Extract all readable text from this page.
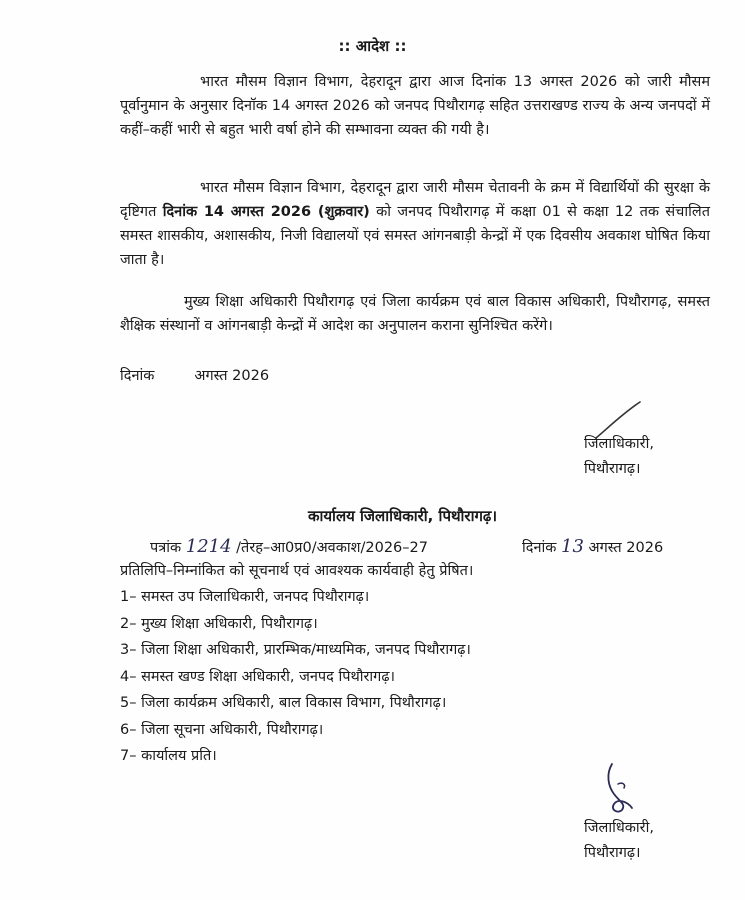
:: आदेश ::

भारत मौसम विज्ञान विभाग, देहरादून द्वारा आज दिनांक 13 अगस्त 2026 को जारी मौसम पूर्वानुमान के अनुसार दिनॉक 14 अगस्त 2026 को जनपद पिथौरागढ़ सहित उत्तराखण्ड राज्य के अन्य जनपदों में कहीं–कहीं भारी से बहुत भारी वर्षा होने की सम्भावना व्यक्त की गयी है।

भारत मौसम विज्ञान विभाग, देहरादून द्वारा जारी मौसम चेतावनी के क्रम में विद्यार्थियों की सुरक्षा के दृष्टिगत दिनांक 14 अगस्त 2026 (शुक्रवार) को जनपद पिथौरागढ़ में कक्षा 01 से कक्षा 12 तक संचालित समस्त शासकीय, अशासकीय, निजी विद्यालयों एवं समस्त आंगनबाड़ी केन्द्रों में एक दिवसीय अवकाश घोषित किया जाता है।

मुख्य शिक्षा अधिकारी पिथौरागढ़ एवं जिला कार्यक्रम एवं बाल विकास अधिकारी, पिथौरागढ़, समस्त शैक्षिक संस्थानों व आंगनबाड़ी केन्द्रों में आदेश का अनुपालन कराना सुनिश्चित करेंगे।

दिनांक	अगस्त 2026
जिलाधिकारी,
पिथौरागढ़।
कार्यालय जिलाधिकारी, पिथौरागढ़।
पत्रांक 1214 /तेरह–आ0प्र0/अवकाश/2026–27	दिनांक 13 अगस्त 2026
प्रतिलिपि–निम्नांकित को सूचनार्थ एवं आवश्यक कार्यवाही हेतु प्रेषित।
1– समस्त उप जिलाधिकारी, जनपद पिथौरागढ़।
2– मुख्य शिक्षा अधिकारी, पिथौरागढ़।
3– जिला शिक्षा अधिकारी, प्रारम्भिक/माध्यमिक, जनपद पिथौरागढ़।
4– समस्त खण्ड शिक्षा अधिकारी, जनपद पिथौरागढ़।
5– जिला कार्यक्रम अधिकारी, बाल विकास विभाग, पिथौरागढ़।
6– जिला सूचना अधिकारी, पिथौरागढ़।
7– कार्यालय प्रति।
जिलाधिकारी,
पिथौरागढ़।
